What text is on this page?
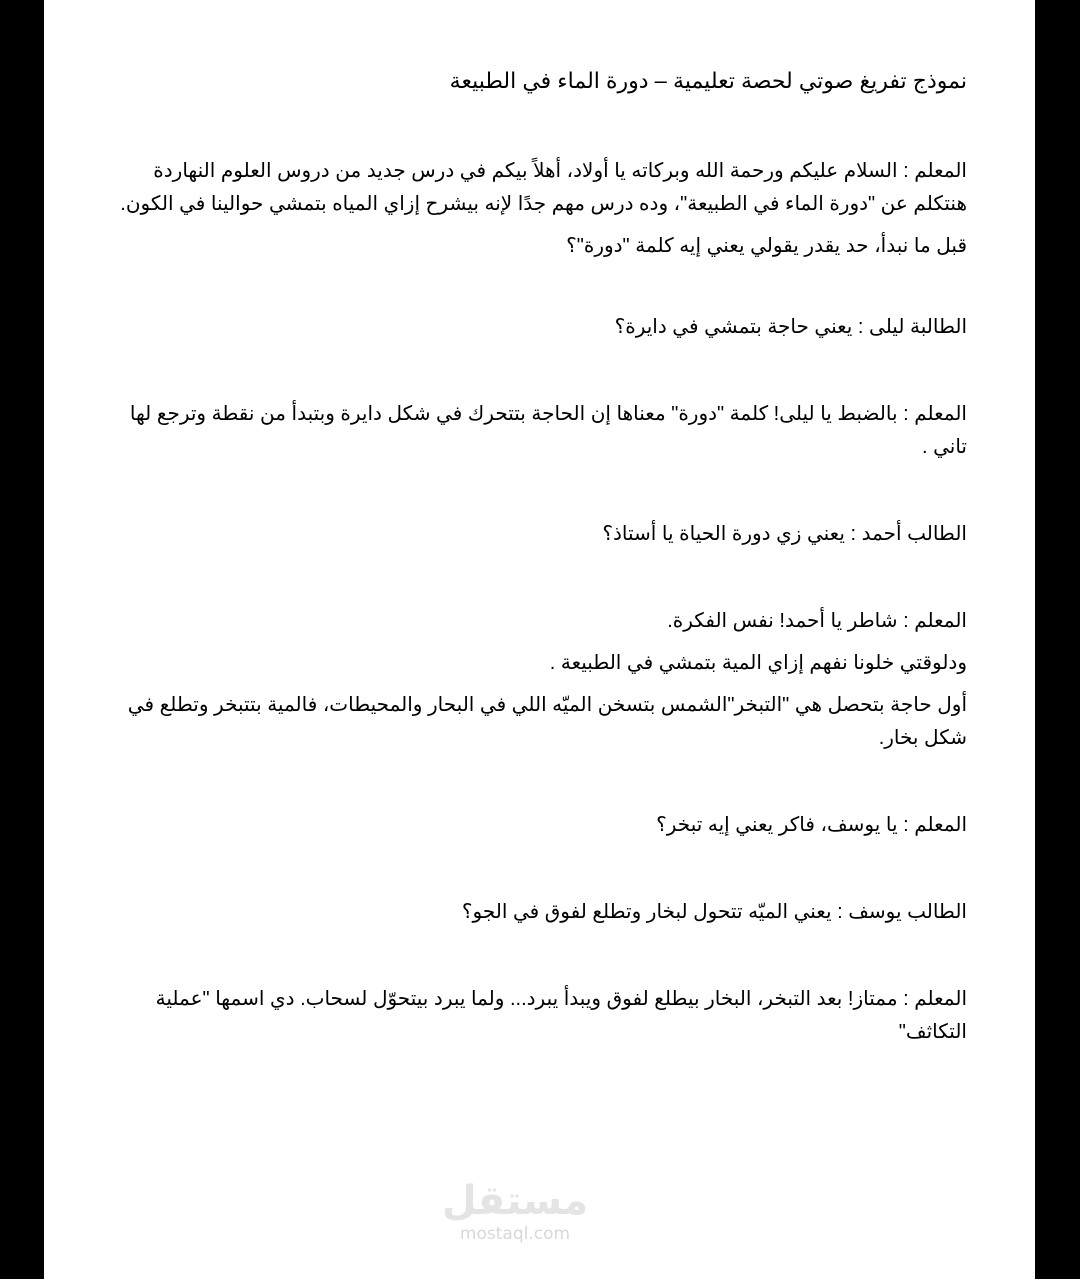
نموذج تفريغ صوتي لحصة تعليمية – دورة الماء في الطبيعة

المعلم : السلام عليكم ورحمة الله وبركاته يا أولاد، أهلاً بيكم في درس جديد من دروس العلوم النهاردة هنتكلم عن "دورة الماء في الطبيعة"، وده درس مهم جدًا لإنه بيشرح إزاي المياه بتمشي حوالينا في الكون.

قبل ما نبدأ، حد يقدر يقولي يعني إيه كلمة "دورة"؟

الطالبة ليلى : يعني حاجة بتمشي في دايرة؟

المعلم : بالضبط يا ليلى! كلمة "دورة" معناها إن الحاجة بتتحرك في شكل دايرة وبتبدأ من نقطة وترجع لها تاني .

الطالب أحمد : يعني زي دورة الحياة يا أستاذ؟

المعلم : شاطر يا أحمد! نفس الفكرة.

ودلوقتي خلونا نفهم إزاي المية بتمشي في الطبيعة .

أول حاجة بتحصل هي "التبخر"الشمس بتسخن الميّه اللي في البحار والمحيطات، فالمية بتتبخر وتطلع في شكل بخار.

المعلم : يا يوسف، فاكر يعني إيه تبخر؟

الطالب يوسف : يعني الميّه تتحول لبخار وتطلع لفوق في الجو؟

المعلم : ممتاز! بعد التبخر، البخار بيطلع لفوق ويبدأ يبرد... ولما يبرد بيتحوّل لسحاب. دي اسمها "عملية التكاثف"

مستقل
mostaql.com
